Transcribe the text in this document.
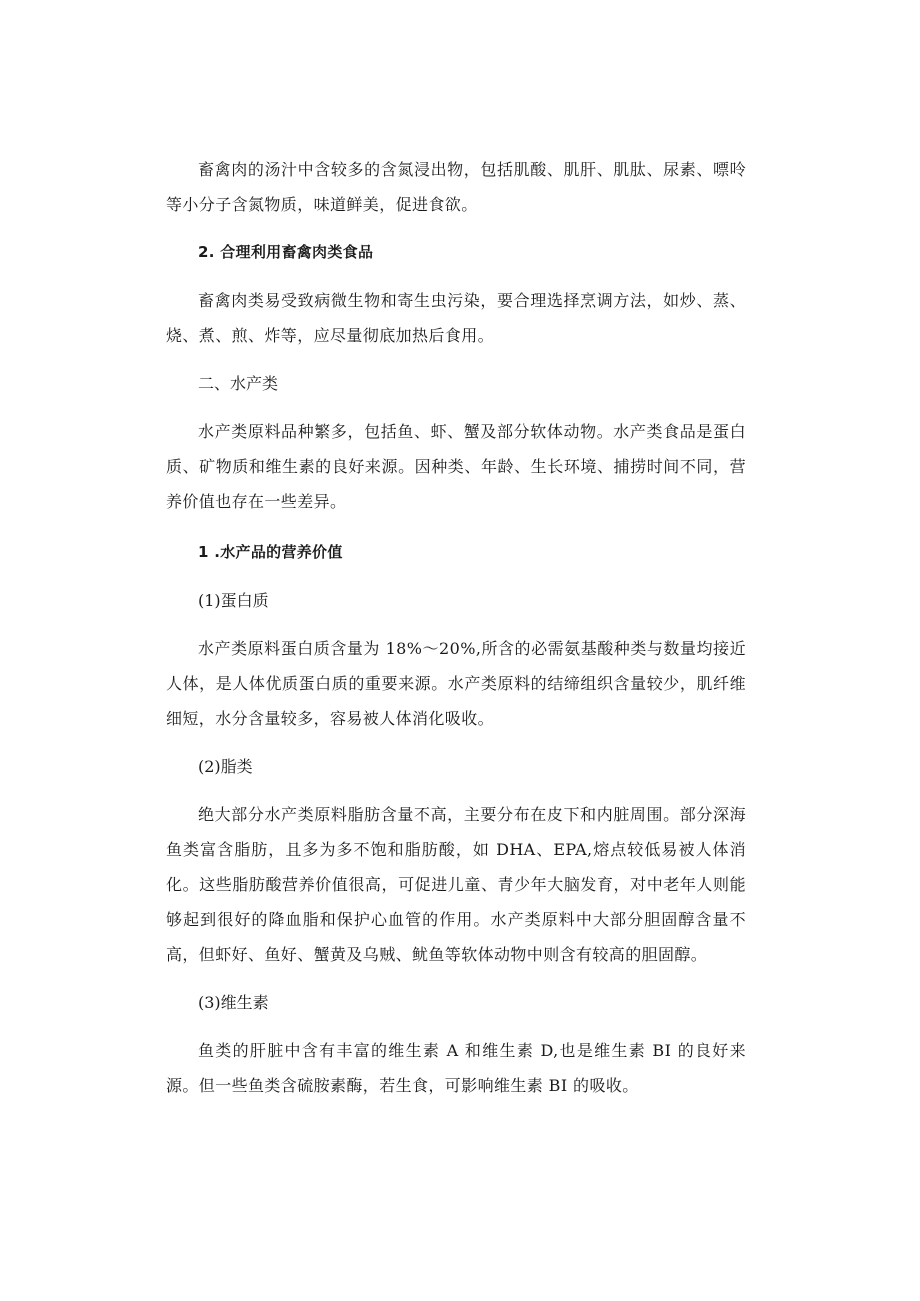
畜禽肉的汤汁中含较多的含氮浸出物，包括肌酸、肌肝、肌肽、尿素、嘌呤等小分子含氮物质，味道鲜美，促进食欲。

2. 合理利用畜禽肉类食品

畜禽肉类易受致病微生物和寄生虫污染，要合理选择烹调方法，如炒、蒸、烧、煮、煎、炸等，应尽量彻底加热后食用。

二、水产类

水产类原料品种繁多，包括鱼、虾、蟹及部分软体动物。水产类食品是蛋白质、矿物质和维生素的良好来源。因种类、年龄、生长环境、捕捞时间不同，营养价值也存在一些差异。

1 .水产品的营养价值

(1)蛋白质

水产类原料蛋白质含量为 18%～20%,所含的必需氨基酸种类与数量均接近人体，是人体优质蛋白质的重要来源。水产类原料的结缔组织含量较少，肌纤维细短，水分含量较多，容易被人体消化吸收。

(2)脂类

绝大部分水产类原料脂肪含量不高，主要分布在皮下和内脏周围。部分深海鱼类富含脂肪，且多为多不饱和脂肪酸，如 DHA、EPA,熔点较低易被人体消化。这些脂肪酸营养价值很高，可促进儿童、青少年大脑发育，对中老年人则能够起到很好的降血脂和保护心血管的作用。水产类原料中大部分胆固醇含量不高，但虾好、鱼好、蟹黄及乌贼、鱿鱼等软体动物中则含有较高的胆固醇。

(3)维生素

鱼类的肝脏中含有丰富的维生素 A 和维生素 D,也是维生素 BI 的良好来源。但一些鱼类含硫胺素酶，若生食，可影响维生素 BI 的吸收。
